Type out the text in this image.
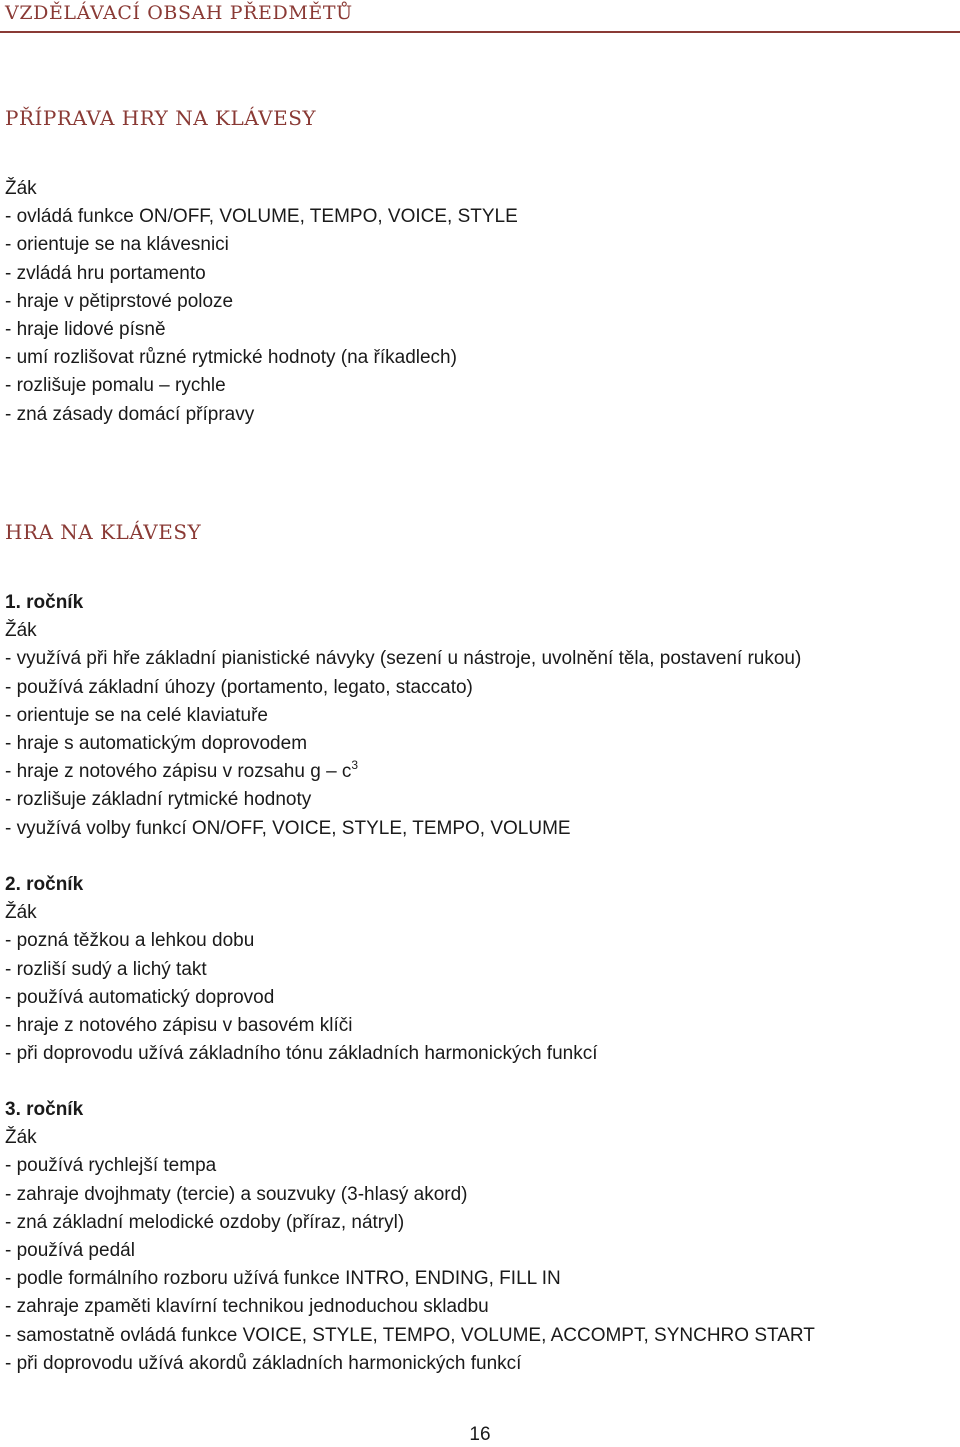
VZDĚLÁVACÍ OBSAH PŘEDMĚTŮ
PŘÍPRAVA HRY NA KLÁVESY
Žák
- ovládá funkce ON/OFF, VOLUME, TEMPO, VOICE, STYLE
- orientuje se na klávesnici
- zvládá hru portamento
- hraje v pětiprstové poloze
- hraje lidové písně
- umí rozlišovat různé rytmické hodnoty (na říkadlech)
- rozlišuje pomalu – rychle
- zná zásady domácí přípravy
HRA NA KLÁVESY
1. ročník
Žák
- využívá při hře základní pianistické návyky (sezení u nástroje, uvolnění těla, postavení rukou)
- používá základní úhozy (portamento, legato, staccato)
- orientuje se na celé klaviatuře
- hraje s automatickým doprovodem
- hraje z notového zápisu v rozsahu g – $c^3$
- rozlišuje základní rytmické hodnoty
- využívá volby funkcí ON/OFF, VOICE, STYLE, TEMPO, VOLUME
2. ročník
Žák
- pozná těžkou a lehkou dobu
- rozliší sudý a lichý takt
- používá automatický doprovod
- hraje z notového zápisu v basovém klíči
- při doprovodu užívá základního tónu základních harmonických funkcí
3. ročník
Žák
- používá rychlejší tempa
- zahraje dvojhmaty (tercie) a souzvuky (3-hlasý akord)
- zná základní melodické ozdoby (příraz, nátryl)
- používá pedál
- podle formálního rozboru užívá funkce INTRO, ENDING, FILL IN
- zahraje zpaměti klavírní technikou jednoduchou skladbu
- samostatně ovládá funkce VOICE, STYLE, TEMPO, VOLUME, ACCOMPT, SYNCHRO START
- při doprovodu užívá akordů základních harmonických funkcí
16
